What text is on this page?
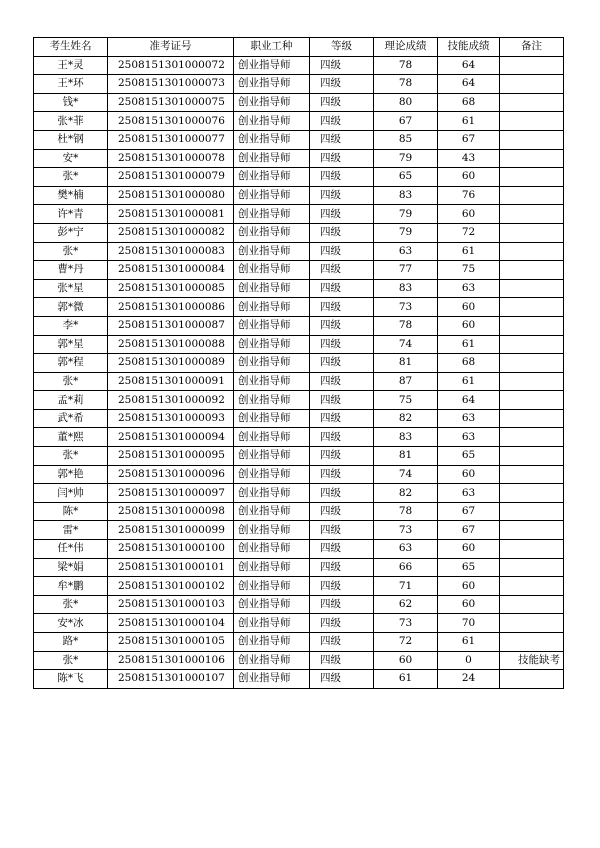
考生姓名	准考证号	职业工种	等级	理论成绩	技能成绩	备注
王*灵	2508151301000072	创业指导师	四级	78	64	
王*环	2508151301000073	创业指导师	四级	78	64	
钱*	2508151301000075	创业指导师	四级	80	68	
张*菲	2508151301000076	创业指导师	四级	67	61	
杜*钢	2508151301000077	创业指导师	四级	85	67	
安*	2508151301000078	创业指导师	四级	79	43	
张*	2508151301000079	创业指导师	四级	65	60	
樊*楠	2508151301000080	创业指导师	四级	83	76	
许*青	2508151301000081	创业指导师	四级	79	60	
彭*宁	2508151301000082	创业指导师	四级	79	72	
张*	2508151301000083	创业指导师	四级	63	61	
曹*丹	2508151301000084	创业指导师	四级	77	75	
张*星	2508151301000085	创业指导师	四级	83	63	
郭*微	2508151301000086	创业指导师	四级	73	60	
李*	2508151301000087	创业指导师	四级	78	60	
郭*星	2508151301000088	创业指导师	四级	74	61	
郭*程	2508151301000089	创业指导师	四级	81	68	
张*	2508151301000091	创业指导师	四级	87	61	
孟*莉	2508151301000092	创业指导师	四级	75	64	
武*希	2508151301000093	创业指导师	四级	82	63	
董*熙	2508151301000094	创业指导师	四级	83	63	
张*	2508151301000095	创业指导师	四级	81	65	
郭*艳	2508151301000096	创业指导师	四级	74	60	
闫*帅	2508151301000097	创业指导师	四级	82	63	
陈*	2508151301000098	创业指导师	四级	78	67	
雷*	2508151301000099	创业指导师	四级	73	67	
任*伟	2508151301000100	创业指导师	四级	63	60	
梁*娟	2508151301000101	创业指导师	四级	66	65	
牟*鹏	2508151301000102	创业指导师	四级	71	60	
张*	2508151301000103	创业指导师	四级	62	60	
安*冰	2508151301000104	创业指导师	四级	73	70	
路*	2508151301000105	创业指导师	四级	72	61	
张*	2508151301000106	创业指导师	四级	60	0	技能缺考
陈*飞	2508151301000107	创业指导师	四级	61	24	
